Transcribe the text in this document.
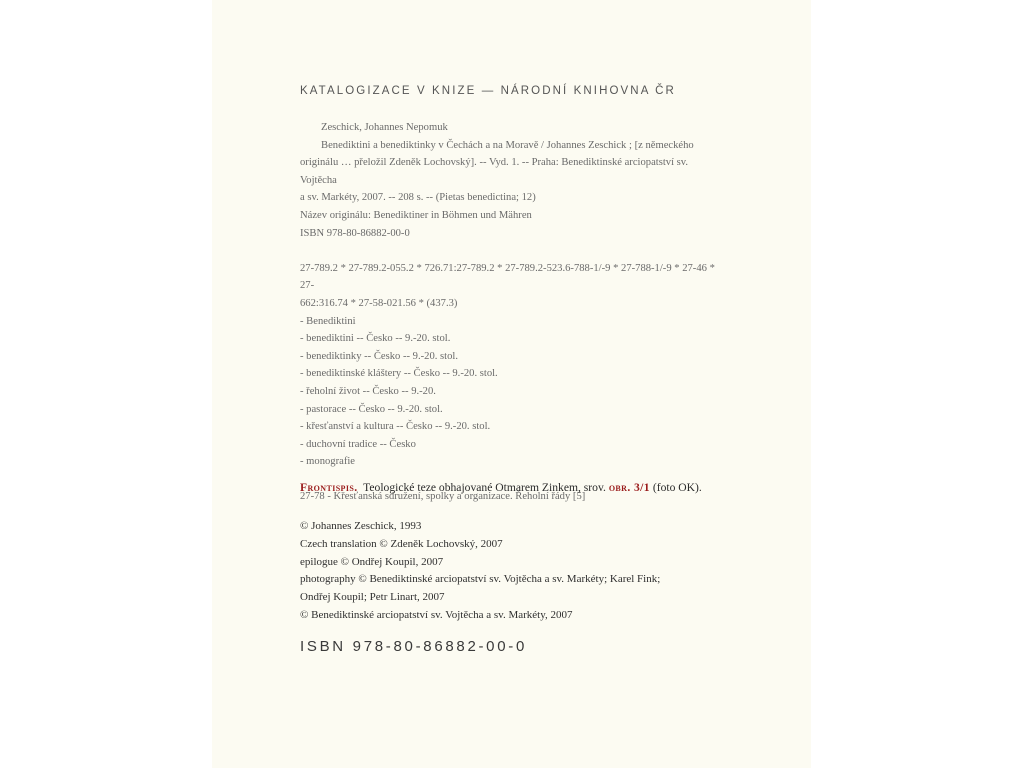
KATALOGIZACE V KNIZE — NÁRODNÍ KNIHOVNA ČR

Zeschick, Johannes Nepomuk

Benediktini a benediktinky v Čechách a na Moravě / Johannes Zeschick ; [z německého

originálu … přeložil Zdeněk Lochovský]. -- Vyd. 1. -- Praha: Benediktinské arciopatství sv. Vojtěcha

a sv. Markéty, 2007. -- 208 s. -- (Pietas benedictina; 12)

Název originálu: Benediktiner in Böhmen und Mähren

ISBN 978-80-86882-00-0

27-789.2 * 27-789.2-055.2 * 726.71:27-789.2 * 27-789.2-523.6-788-1/-9 * 27-788-1/-9 * 27-46 * 27-

662:316.74 * 27-58-021.56 * (437.3)

- Benediktini

- benediktini -- Česko -- 9.-20. stol.

- benediktinky -- Česko -- 9.-20. stol.

- benediktinské kláštery -- Česko -- 9.-20. stol.

- řeholní život -- Česko -- 9.-20.

- pastorace -- Česko -- 9.-20. stol.

- křesťanství a kultura -- Česko -- 9.-20. stol.

- duchovní tradice -- Česko

- monografie

27-78 - Křesťanská sdružení, spolky a organizace. Řeholní řády [5]

Frontispis. Teologické teze obhajované Otmarem Zinkem, srov. obr. 3/1 (foto OK).

© Johannes Zeschick, 1993

Czech translation © Zdeněk Lochovský, 2007

epilogue © Ondřej Koupil, 2007

photography © Benediktinské arciopatství sv. Vojtěcha a sv. Markéty; Karel Fink;

Ondřej Koupil; Petr Linart, 2007

© Benediktinské arciopatství sv. Vojtěcha a sv. Markéty, 2007

ISBN 978-80-86882-00-0
